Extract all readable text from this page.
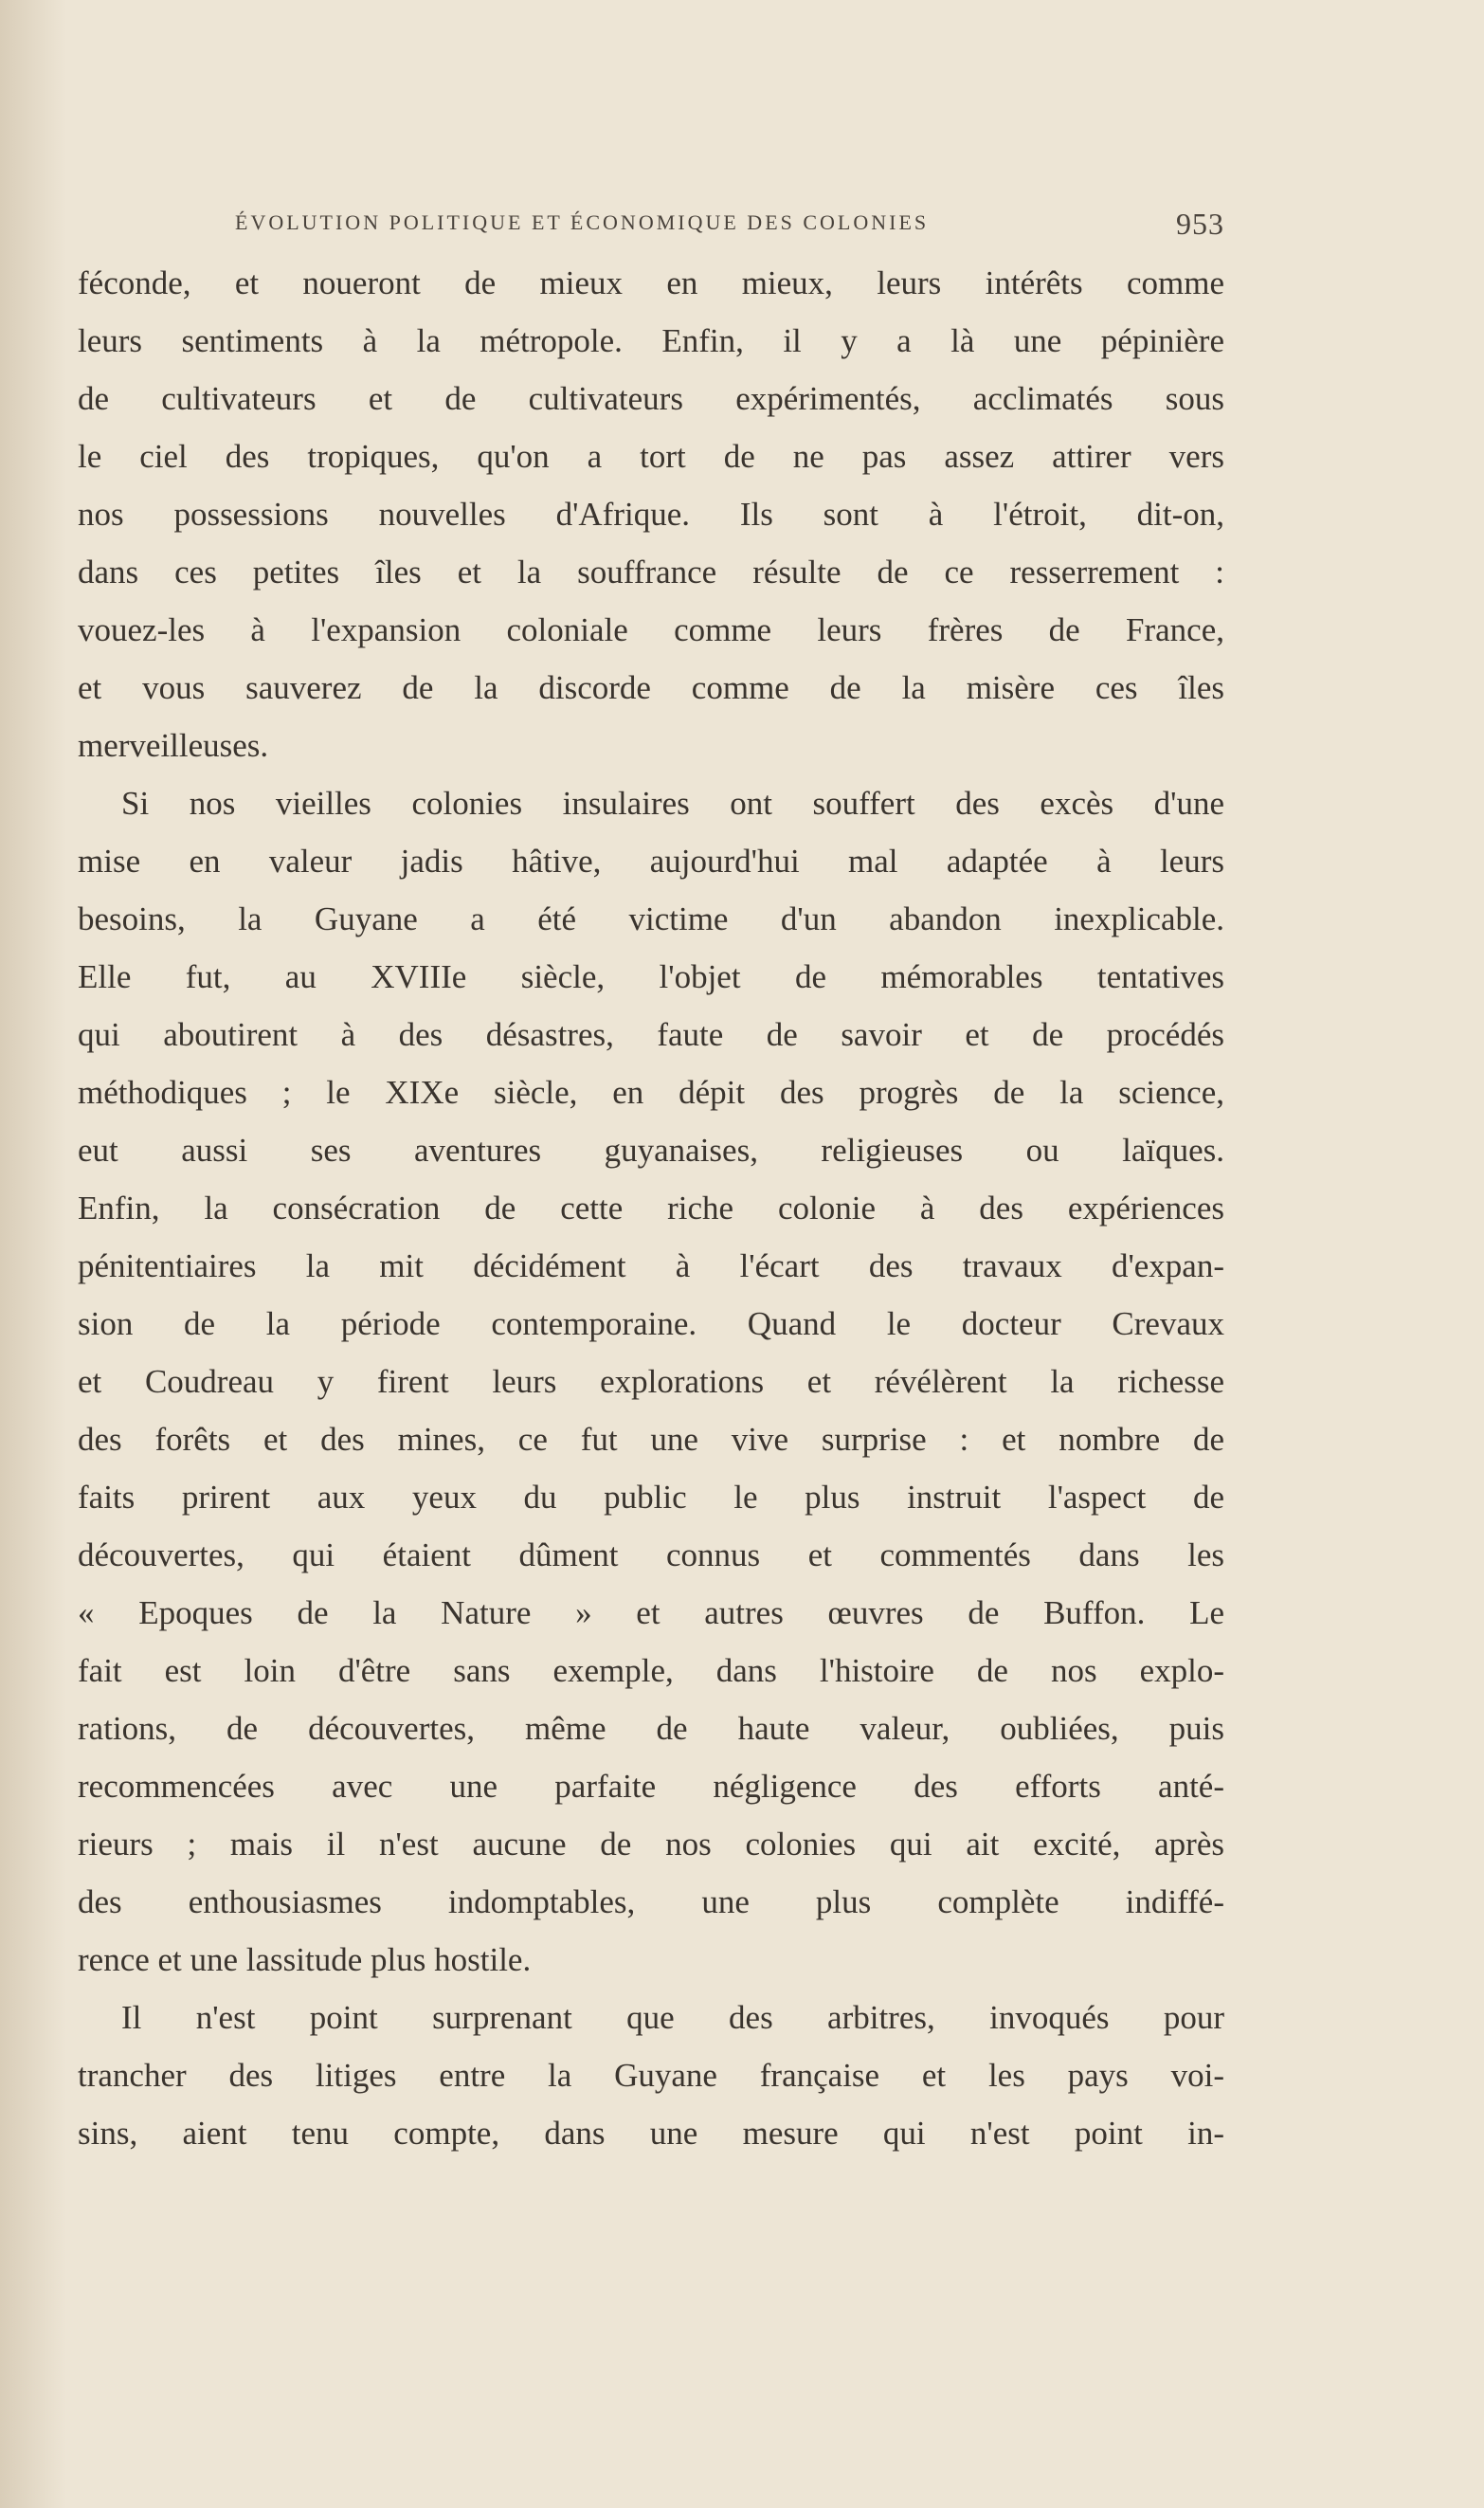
ÉVOLUTION POLITIQUE ET ÉCONOMIQUE DES COLONIES	953
féconde, et noueront de mieux en mieux, leurs intérêts comme
leurs sentiments à la métropole. Enfin, il y a là une pépinière
de cultivateurs et de cultivateurs expérimentés, acclimatés sous
le ciel des tropiques, qu'on a tort de ne pas assez attirer vers
nos possessions nouvelles d'Afrique. Ils sont à l'étroit, dit-on,
dans ces petites îles et la souffrance résulte de ce resserrement :
vouez-les à l'expansion coloniale comme leurs frères de France,
et vous sauverez de la discorde comme de la misère ces îles
merveilleuses.
Si nos vieilles colonies insulaires ont souffert des excès d'une
mise en valeur jadis hâtive, aujourd'hui mal adaptée à leurs
besoins, la Guyane a été victime d'un abandon inexplicable.
Elle fut, au XVIIIe siècle, l'objet de mémorables tentatives
qui aboutirent à des désastres, faute de savoir et de procédés
méthodiques ; le XIXe siècle, en dépit des progrès de la science,
eut aussi ses aventures guyanaises, religieuses ou laïques.
Enfin, la consécration de cette riche colonie à des expériences
pénitentiaires la mit décidément à l'écart des travaux d'expan-
sion de la période contemporaine. Quand le docteur Crevaux
et Coudreau y firent leurs explorations et révélèrent la richesse
des forêts et des mines, ce fut une vive surprise : et nombre de
faits prirent aux yeux du public le plus instruit l'aspect de
découvertes, qui étaient dûment connus et commentés dans les
« Epoques de la Nature » et autres œuvres de Buffon. Le
fait est loin d'être sans exemple, dans l'histoire de nos explo-
rations, de découvertes, même de haute valeur, oubliées, puis
recommencées avec une parfaite négligence des efforts anté-
rieurs ; mais il n'est aucune de nos colonies qui ait excité, après
des enthousiasmes indomptables, une plus complète indiffé-
rence et une lassitude plus hostile.
Il n'est point surprenant que des arbitres, invoqués pour
trancher des litiges entre la Guyane française et les pays voi-
sins, aient tenu compte, dans une mesure qui n'est point in-
